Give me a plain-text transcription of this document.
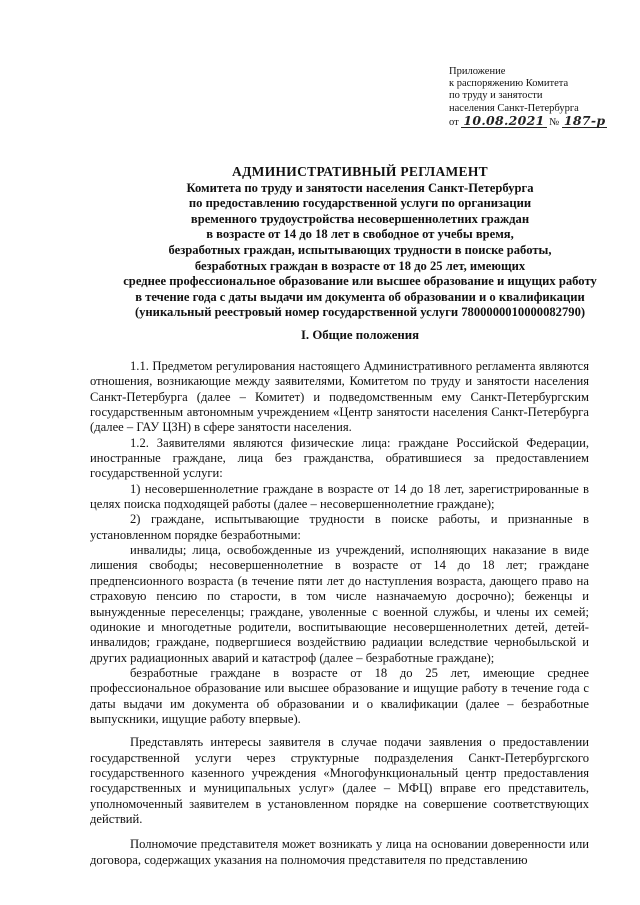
Приложение
к распоряжению Комитета
по труду и занятости
населения Санкт-Петербурга
от 10.08.2021 № 187-р
АДМИНИСТРАТИВНЫЙ РЕГЛАМЕНТ
Комитета по труду и занятости населения Санкт-Петербурга
по предоставлению государственной услуги по организации
временного трудоустройства несовершеннолетних граждан
в возрасте от 14 до 18 лет в свободное от учебы время,
безработных граждан, испытывающих трудности в поиске работы,
безработных граждан в возрасте от 18 до 25 лет, имеющих
среднее профессиональное образование или высшее образование и ищущих работу
в течение года с даты выдачи им документа об образовании и о квалификации
(уникальный реестровый номер государственной услуги 7800000010000082790)
I. Общие положения

1.1. Предметом регулирования настоящего Административного регламента являются отношения, возникающие между заявителями, Комитетом по труду и занятости населения Санкт-Петербурга (далее – Комитет) и подведомственным ему Санкт-Петербургским государственным автономным учреждением «Центр занятости населения Санкт-Петербурга (далее – ГАУ ЦЗН) в сфере занятости населения.

1.2. Заявителями являются физические лица: граждане Российской Федерации, иностранные граждане, лица без гражданства, обратившиеся за предоставлением государственной услуги:

1) несовершеннолетние граждане в возрасте от 14 до 18 лет, зарегистрированные в целях поиска подходящей работы (далее – несовершеннолетние граждане);

2) граждане, испытывающие трудности в поиске работы, и признанные в установленном порядке безработными:

инвалиды; лица, освобожденные из учреждений, исполняющих наказание в виде лишения свободы; несовершеннолетние в возрасте от 14 до 18 лет; граждане предпенсионного возраста (в течение пяти лет до наступления возраста, дающего право на страховую пенсию по старости, в том числе назначаемую досрочно); беженцы и вынужденные переселенцы; граждане, уволенные с военной службы, и члены их семей; одинокие и многодетные родители, воспитывающие несовершеннолетних детей, детей-инвалидов; граждане, подвергшиеся воздействию радиации вследствие чернобыльской и других радиационных аварий и катастроф (далее – безработные граждане);

безработные граждане в возрасте от 18 до 25 лет, имеющие среднее профессиональное образование или высшее образование и ищущие работу в течение года с даты выдачи им документа об образовании и о квалификации (далее – безработные выпускники, ищущие работу впервые).

Представлять интересы заявителя в случае подачи заявления о предоставлении государственной услуги через структурные подразделения Санкт-Петербургского государственного казенного учреждения «Многофункциональный центр предоставления государственных и муниципальных услуг» (далее – МФЦ) вправе его представитель, уполномоченный заявителем в установленном порядке на совершение соответствующих действий.

Полномочие представителя может возникать у лица на основании доверенности или договора, содержащих указания на полномочия представителя по представлению
